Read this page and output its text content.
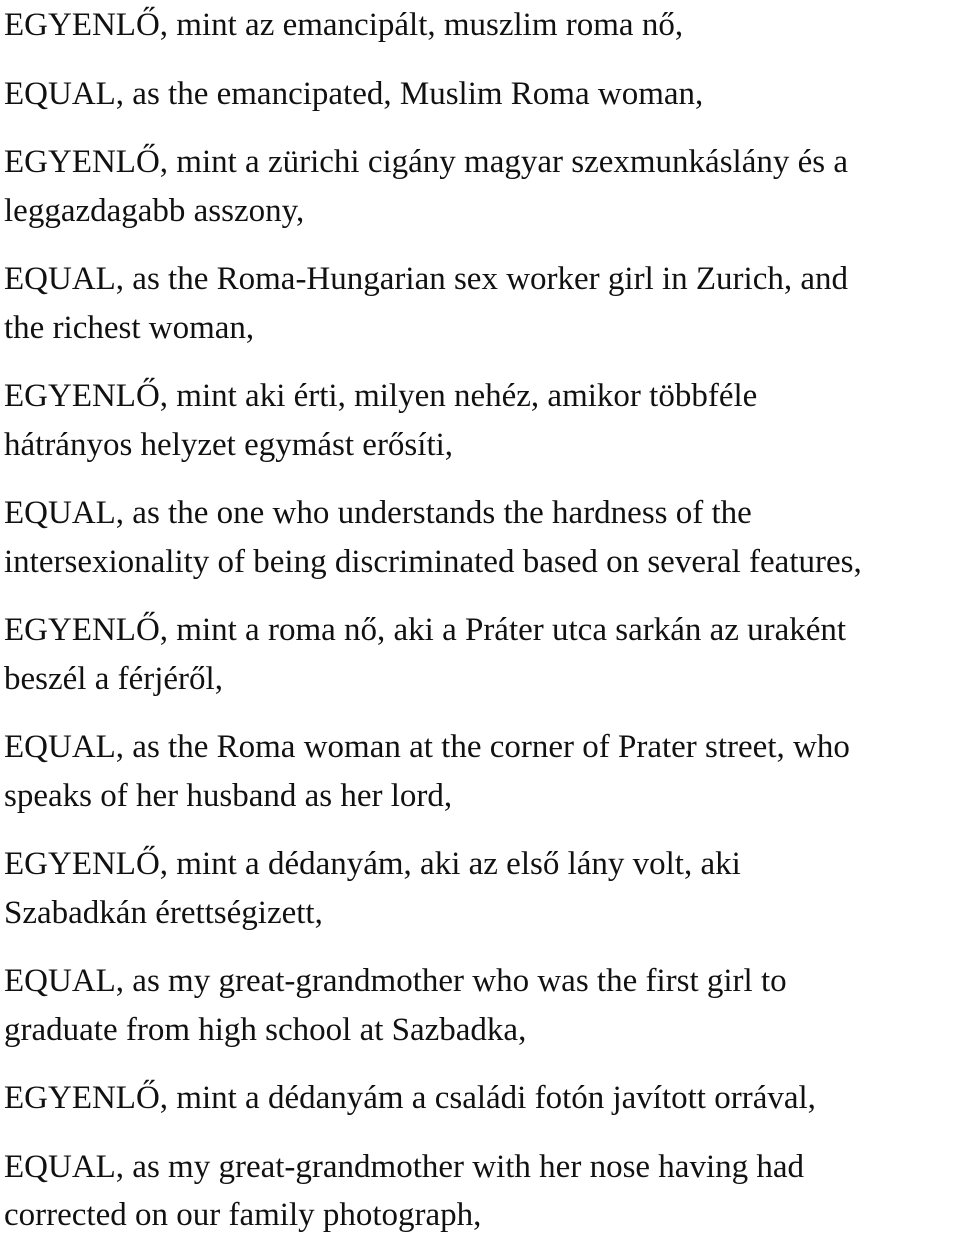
EGYENLŐ, mint az emancipált, muszlim roma nő,

EQUAL, as the emancipated, Muslim Roma woman,

EGYENLŐ, mint a zürichi cigány magyar szexmunkáslány és a
leggazdagabb asszony,

EQUAL, as the Roma-Hungarian sex worker girl in Zurich, and
the richest woman,

EGYENLŐ, mint aki érti, milyen nehéz, amikor többféle
hátrányos helyzet egymást erősíti,

EQUAL, as the one who understands the hardness of the
intersexionality of being discriminated based on several features,

EGYENLŐ, mint a roma nő, aki a Práter utca sarkán az uraként
beszél a férjéről,

EQUAL, as the Roma woman at the corner of Prater street, who
speaks of her husband as her lord,

EGYENLŐ, mint a dédanyám, aki az első lány volt, aki
Szabadkán érettségizett,

EQUAL, as my great-grandmother who was the first girl to
graduate from high school at Sazbadka,

EGYENLŐ, mint a dédanyám a családi fotón javított orrával,

EQUAL, as my great-grandmother with her nose having had
corrected on our family photograph,
